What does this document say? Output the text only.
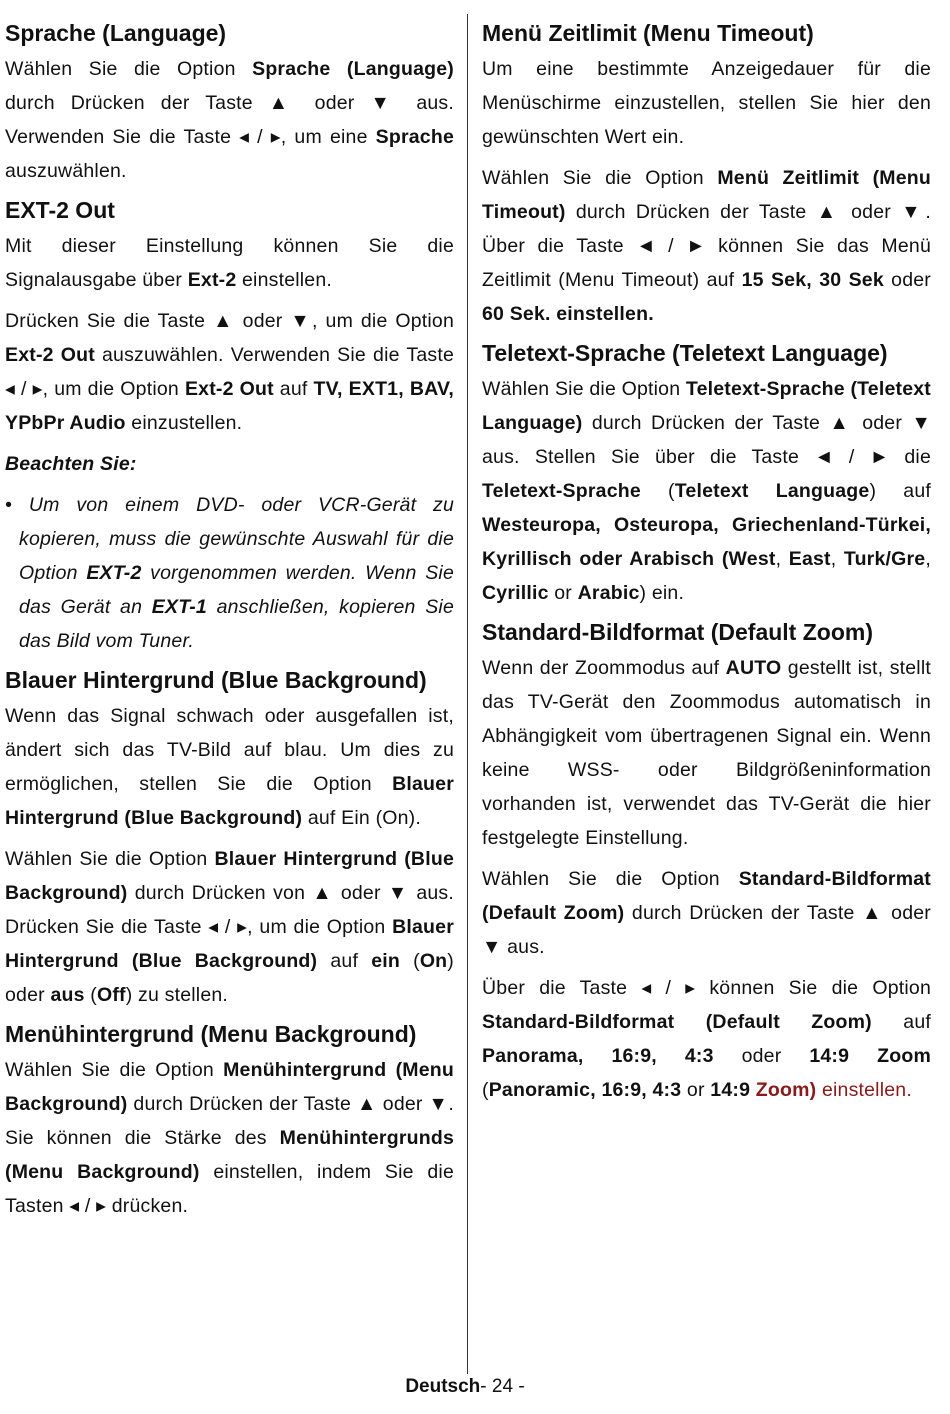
Sprache (Language)

Wählen Sie die Option Sprache (Language) durch Drücken der Taste ▲ oder ▼ aus. Verwenden Sie die Taste ◂ / ▸, um eine Sprache auszuwählen.

EXT-2 Out

Mit dieser Einstellung können Sie die Signalausgabe über Ext-2 einstellen.

Drücken Sie die Taste ▲ oder ▼, um die Option Ext-2 Out auszuwählen. Verwenden Sie die Taste ◂ / ▸, um die Option Ext-2 Out auf TV, EXT1, BAV, YPbPr Audio einzustellen.

Beachten Sie:

• Um von einem DVD- oder VCR-Gerät zu kopieren, muss die gewünschte Auswahl für die Option EXT-2 vorgenommen werden. Wenn Sie das Gerät an EXT-1 anschließen, kopieren Sie das Bild vom Tuner.

Blauer Hintergrund (Blue Background)

Wenn das Signal schwach oder ausgefallen ist, ändert sich das TV-Bild auf blau. Um dies zu ermöglichen, stellen Sie die Option Blauer Hintergrund (Blue Background) auf Ein (On).

Wählen Sie die Option Blauer Hintergrund (Blue Background) durch Drücken von ▲ oder ▼ aus. Drücken Sie die Taste ◂ / ▸, um die Option Blauer Hintergrund (Blue Background) auf ein (On) oder aus (Off) zu stellen.

Menühintergrund (Menu Background)

Wählen Sie die Option Menühintergrund (Menu Background) durch Drücken der Taste ▲ oder ▼. Sie können die Stärke des Menühintergrunds (Menu Background) einstellen, indem Sie die Tasten ◂ / ▸ drücken.

Menü Zeitlimit (Menu Timeout)

Um eine bestimmte Anzeigedauer für die Menüschirme einzustellen, stellen Sie hier den gewünschten Wert ein.

Wählen Sie die Option Menü Zeitlimit (Menu Timeout) durch Drücken der Taste ▲ oder ▼. Über die Taste ◄ / ► können Sie das Menü Zeitlimit (Menu Timeout) auf 15 Sek, 30 Sek oder 60 Sek. einstellen.

Teletext-Sprache (Teletext Language)

Wählen Sie die Option Teletext-Sprache (Teletext Language) durch Drücken der Taste ▲ oder ▼ aus. Stellen Sie über die Taste ◄ / ► die Teletext-Sprache (Teletext Language) auf Westeuropa, Osteuropa, Griechenland-Türkei, Kyrillisch oder Arabisch (West, East, Turk/Gre, Cyrillic or Arabic) ein.

Standard-Bildformat (Default Zoom)

Wenn der Zoommodus auf AUTO gestellt ist, stellt das TV-Gerät den Zoommodus automatisch in Abhängigkeit vom übertragenen Signal ein. Wenn keine WSS- oder Bildgrößeninformation vorhanden ist, verwendet das TV-Gerät die hier festgelegte Einstellung.

Wählen Sie die Option Standard-Bildformat (Default Zoom) durch Drücken der Taste ▲ oder ▼ aus.

Über die Taste ◂ / ▸ können Sie die Option Standard-Bildformat (Default Zoom) auf Panorama, 16:9, 4:3 oder 14:9 Zoom (Panoramic, 16:9, 4:3 or 14:9 Zoom) einstellen.

Deutsch- 24 -
